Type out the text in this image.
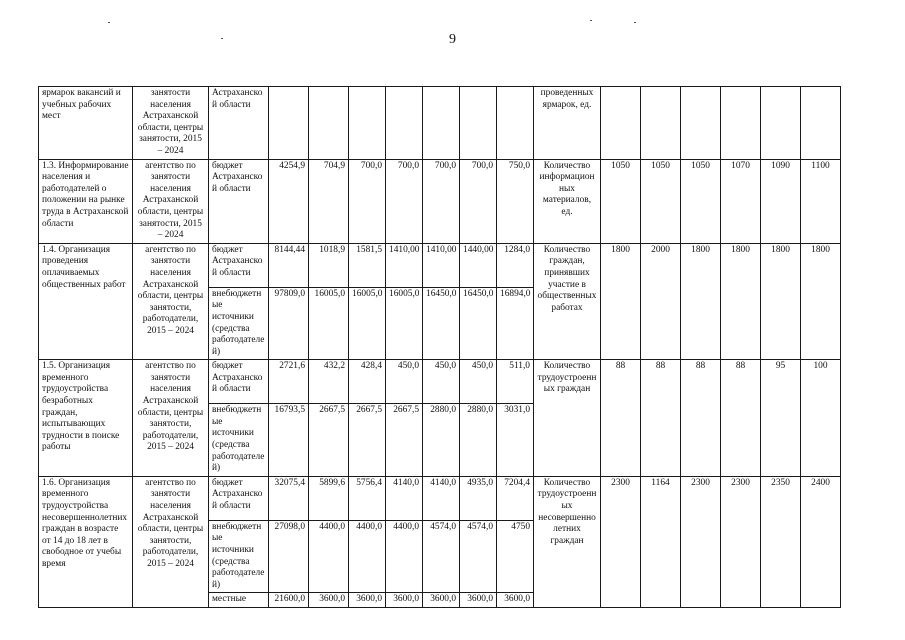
9
ярмарок вакансий и учебных рабочих мест	занятости населения Астраханской области, центры занятости, 2015 – 2024	Астраханской области								проведенных ярмарок, ед.						
1.3. Информирование населения и работодателей о положении на рынке труда в Астраханской области	агентство по занятости населения Астраханской области, центры занятости, 2015 – 2024	бюджет Астраханской области	4254,9	704,9	700,0	700,0	700,0	700,0	750,0	Количество информационных материалов, ед.	1050	1050	1050	1070	1090	1100
1.4. Организация проведения оплачиваемых общественных работ	агентство по занятости населения Астраханской области, центры занятости, работодатели, 2015 – 2024	бюджет Астраханской области	8144,44	1018,9	1581,5	1410,00	1410,00	1440,00	1284,0	Количество граждан, принявших участие в общественных работах	1800	2000	1800	1800	1800	1800
		внебюджетные источники (средства работодателей)	97809,0	16005,0	16005,0	16005,0	16450,0	16450,0	16894,0							
1.5. Организация временного трудоустройства безработных граждан, испытывающих трудности в поиске работы	агентство по занятости населения Астраханской области, центры занятости, работодатели, 2015 – 2024	бюджет Астраханской области	2721,6	432,2	428,4	450,0	450,0	450,0	511,0	Количество трудоустроенных граждан	88	88	88	88	95	100
		внебюджетные источники (средства работодателей)	16793,5	2667,5	2667,5	2667,5	2880,0	2880,0	3031,0							
1.6. Организация временного трудоустройства несовершеннолетних граждан в возрасте от 14 до 18 лет в свободное от учебы время	агентство по занятости населения Астраханской области, центры занятости, работодатели, 2015 – 2024	бюджет Астраханской области	32075,4	5899,6	5756,4	4140,0	4140,0	4935,0	7204,4	Количество трудоустроенных несовершеннолетних граждан	2300	1164	2300	2300	2350	2400
		внебюджетные источники (средства работодателей)	27098,0	4400,0	4400,0	4400,0	4574,0	4574,0	4750							
		местные	21600,0	3600,0	3600,0	3600,0	3600,0	3600,0	3600,0							
